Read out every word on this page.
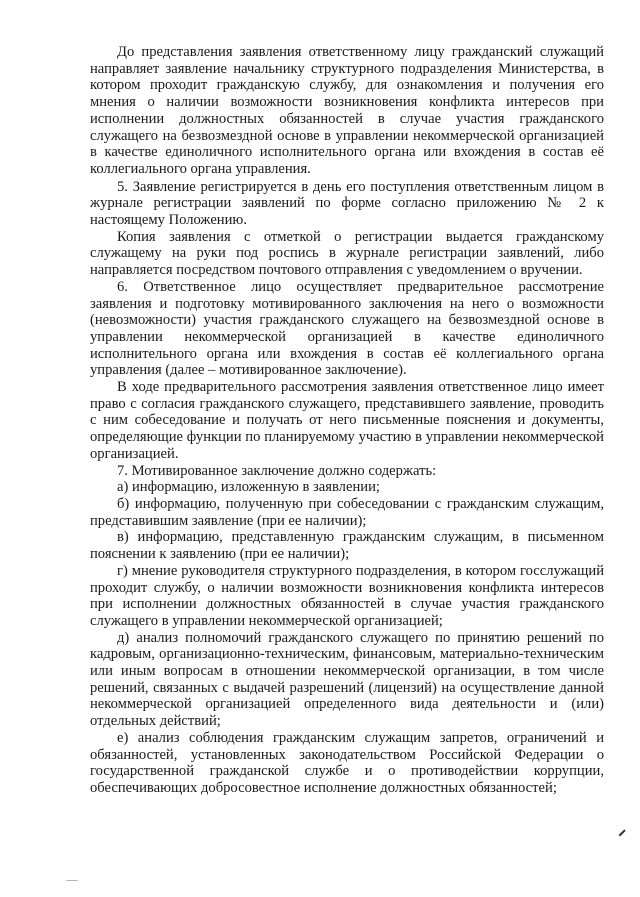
До представления заявления ответственному лицу гражданский служащий направляет заявление начальнику структурного подразделения Министерства, в котором проходит гражданскую службу, для ознакомления и получения его мнения о наличии возможности возникновения конфликта интересов при исполнении должностных обязанностей в случае участия гражданского служащего на безвозмездной основе в управлении некоммерческой организацией в качестве единоличного исполнительного органа или вхождения в состав её коллегиального органа управления.

5. Заявление регистрируется в день его поступления ответственным лицом в журнале регистрации заявлений по форме согласно приложению № 2 к настоящему Положению.

Копия заявления с отметкой о регистрации выдается гражданскому служащему на руки под роспись в журнале регистрации заявлений, либо направляется посредством почтового отправления с уведомлением о вручении.

6. Ответственное лицо осуществляет предварительное рассмотрение заявления и подготовку мотивированного заключения на него о возможности (невозможности) участия гражданского служащего на безвозмездной основе в управлении некоммерческой организацией в качестве единоличного исполнительного органа или вхождения в состав её коллегиального органа управления (далее – мотивированное заключение).

В ходе предварительного рассмотрения заявления ответственное лицо имеет право с согласия гражданского служащего, представившего заявление, проводить с ним собеседование и получать от него письменные пояснения и документы, определяющие функции по планируемому участию в управлении некоммерческой организацией.

7. Мотивированное заключение должно содержать:

а) информацию, изложенную в заявлении;

б) информацию, полученную при собеседовании с гражданским служащим, представившим заявление (при ее наличии);

в) информацию, представленную гражданским служащим, в письменном пояснении к заявлению (при ее наличии);

г) мнение руководителя структурного подразделения, в котором госслужащий проходит службу, о наличии возможности возникновения конфликта интересов при исполнении должностных обязанностей в случае участия гражданского служащего в управлении некоммерческой организацией;

д) анализ полномочий гражданского служащего по принятию решений по кадровым, организационно-техническим, финансовым, материально-техническим или иным вопросам в отношении некоммерческой организации, в том числе решений, связанных с выдачей разрешений (лицензий) на осуществление данной некоммерческой организацией определенного вида деятельности и (или) отдельных действий;

е) анализ соблюдения гражданским служащим запретов, ограничений и обязанностей, установленных законодательством Российской Федерации о государственной гражданской службе и о противодействии коррупции, обеспечивающих добросовестное исполнение должностных обязанностей;
